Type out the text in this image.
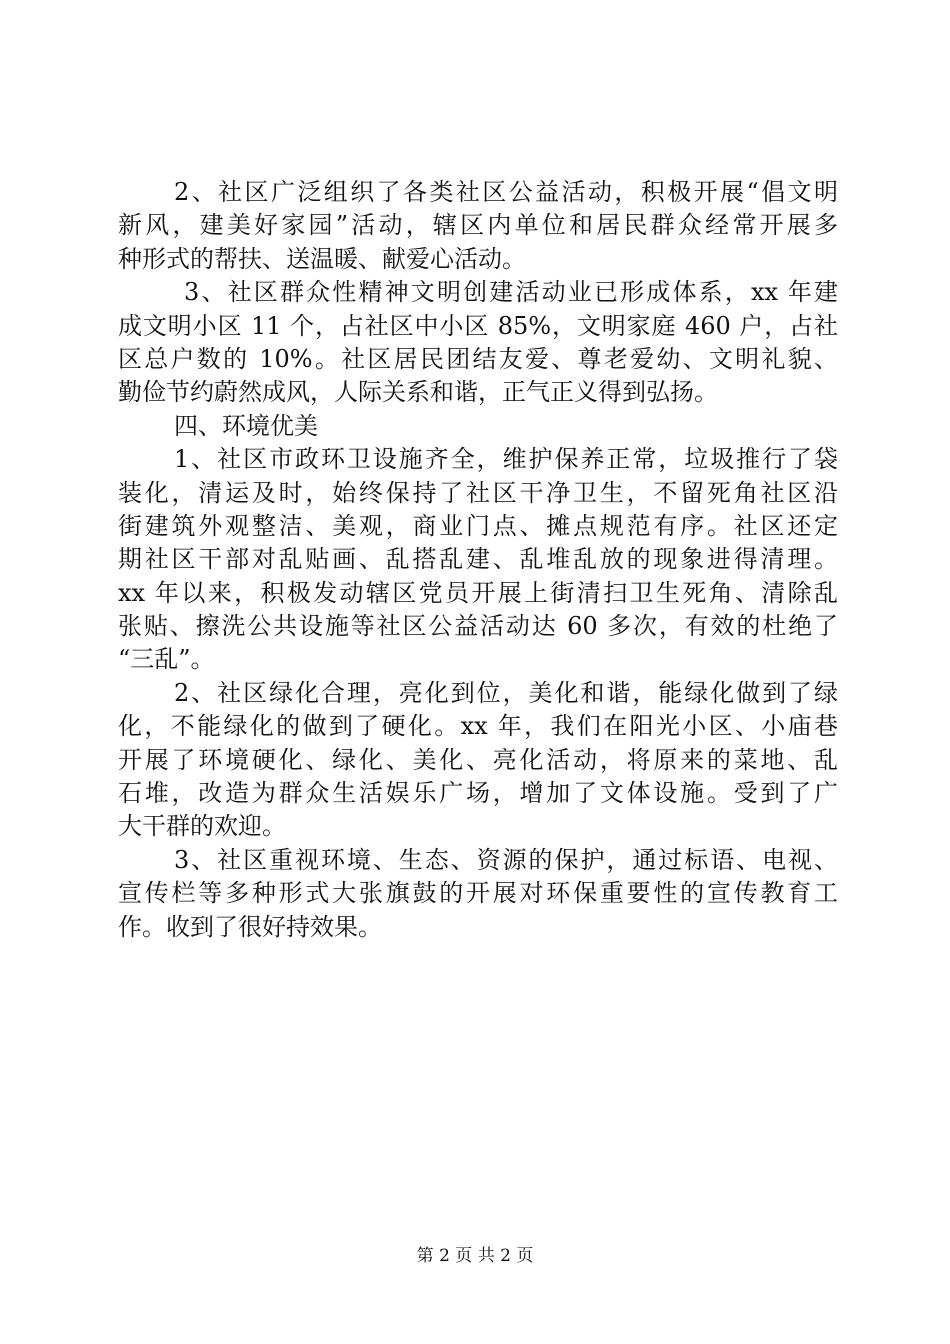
2、社区广泛组织了各类社区公益活动，积极开展“倡文明
新风，建美好家园”活动，辖区内单位和居民群众经常开展多
种形式的帮扶、送温暖、献爱心活动。
3、社区群众性精神文明创建活动业已形成体系，xx 年建
成文明小区 11 个，占社区中小区 85%，文明家庭 460 户，占社
区总户数的 10%。社区居民团结友爱、尊老爱幼、文明礼貌、
勤俭节约蔚然成风，人际关系和谐，正气正义得到弘扬。
四、环境优美
1、社区市政环卫设施齐全，维护保养正常，垃圾推行了袋
装化，清运及时，始终保持了社区干净卫生，不留死角社区沿
街建筑外观整洁、美观，商业门点、摊点规范有序。社区还定
期社区干部对乱贴画、乱搭乱建、乱堆乱放的现象进得清理。
xx 年以来，积极发动辖区党员开展上街清扫卫生死角、清除乱
张贴、擦洗公共设施等社区公益活动达 60 多次，有效的杜绝了
“三乱”。
2、社区绿化合理，亮化到位，美化和谐，能绿化做到了绿
化，不能绿化的做到了硬化。xx 年，我们在阳光小区、小庙巷
开展了环境硬化、绿化、美化、亮化活动，将原来的菜地、乱
石堆，改造为群众生活娱乐广场，增加了文体设施。受到了广
大干群的欢迎。
3、社区重视环境、生态、资源的保护，通过标语、电视、
宣传栏等多种形式大张旗鼓的开展对环保重要性的宣传教育工
作。收到了很好持效果。
第 2 页 共 2 页
